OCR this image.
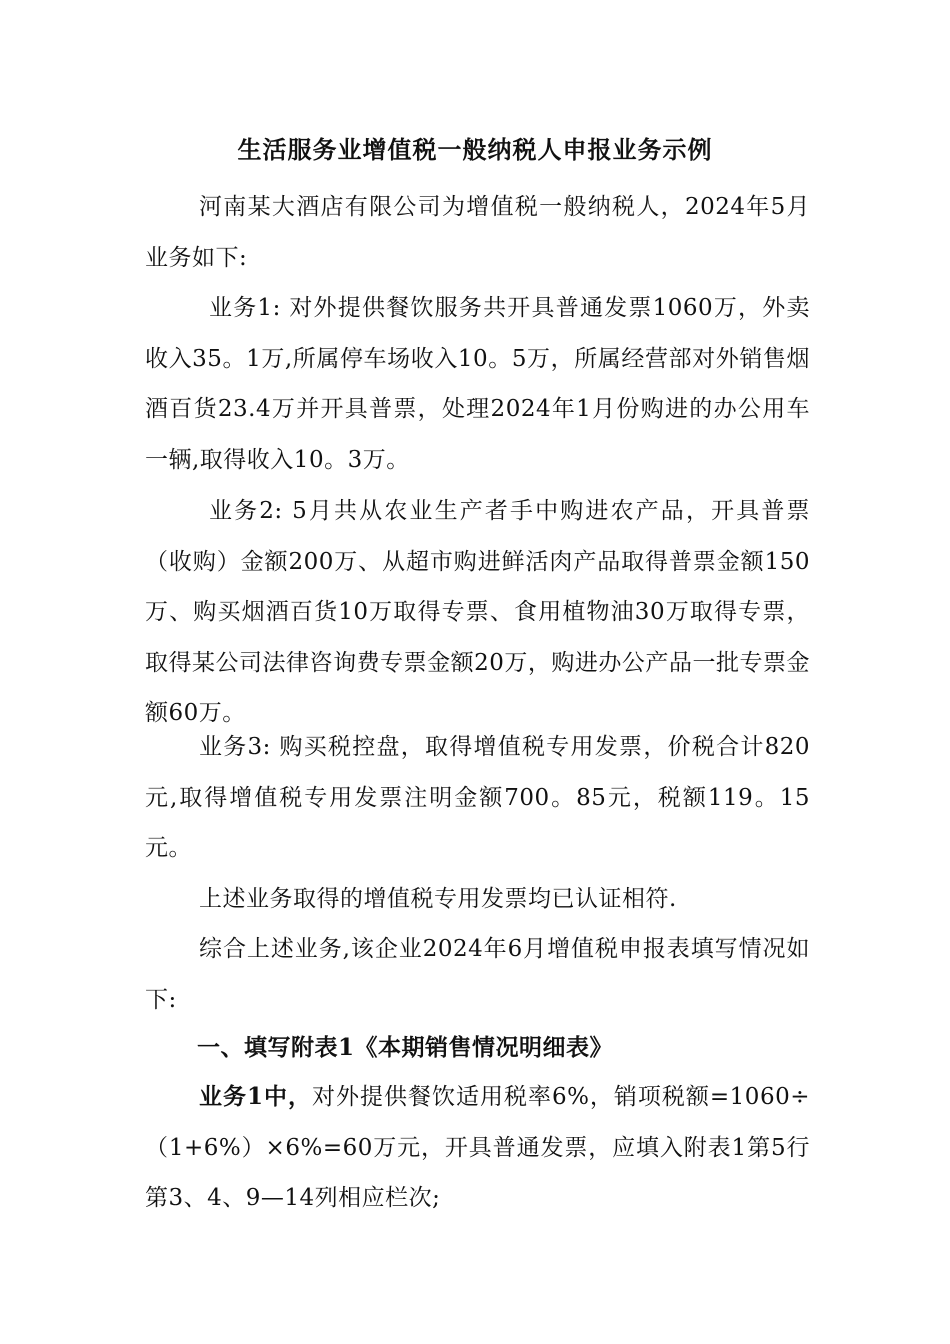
生活服务业增值税一般纳税人申报业务示例

河南某大酒店有限公司为增值税一般纳税人，2024年5月业务如下:

业务1: 对外提供餐饮服务共开具普通发票1060万，外卖收入35。1万,所属停车场收入10。5万，所属经营部对外销售烟酒百货23.4万并开具普票，处理2024年1月份购进的办公用车一辆,取得收入10。3万。

业务2: 5月共从农业生产者手中购进农产品，开具普票（收购）金额200万、从超市购进鲜活肉产品取得普票金额150万、购买烟酒百货10万取得专票、食用植物油30万取得专票，取得某公司法律咨询费专票金额20万，购进办公产品一批专票金额60万。

业务3: 购买税控盘，取得增值税专用发票，价税合计820元,取得增值税专用发票注明金额700。85元，税额119。15元。

上述业务取得的增值税专用发票均已认证相符.

综合上述业务,该企业2024年6月增值税申报表填写情况如下:

一、填写附表1《本期销售情况明细表》

业务1中，对外提供餐饮适用税率6%，销项税额=1060÷（1+6%）×6%=60万元，开具普通发票，应填入附表1第5行第3、4、9—14列相应栏次;
